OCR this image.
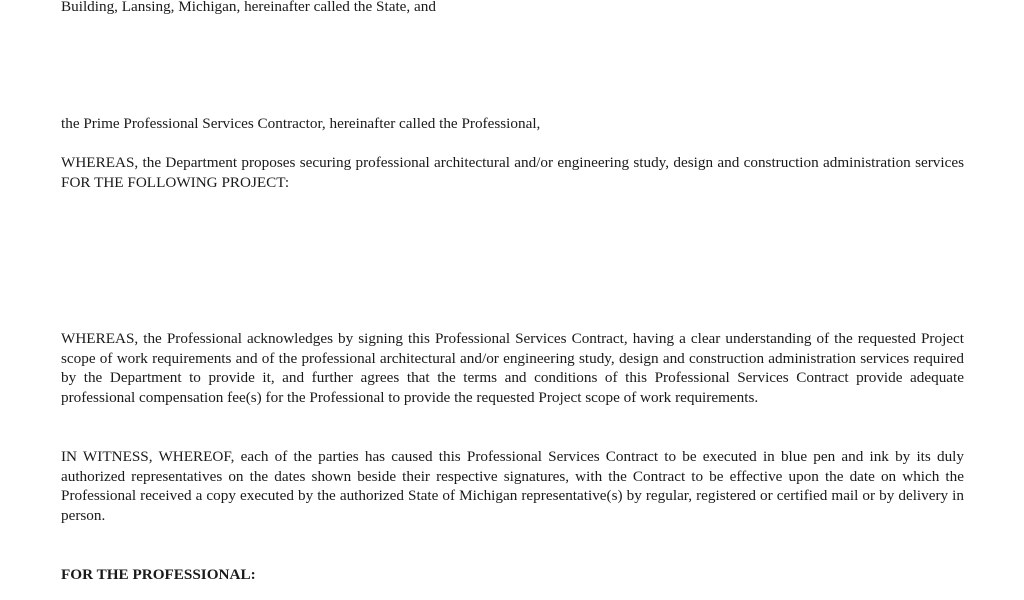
Building, Lansing, Michigan, hereinafter called the State, and

the Prime Professional Services Contractor, hereinafter called the Professional,

WHEREAS, the Department proposes securing professional architectural and/or engineering study, design and construction administration services FOR THE FOLLOWING PROJECT:

WHEREAS, the Professional acknowledges by signing this Professional Services Contract, having a clear understanding of the requested Project scope of work requirements and of the professional architectural and/or engineering study, design and construction administration services required by the Department to provide it, and further agrees that the terms and conditions of this Professional Services Contract provide adequate professional compensation fee(s) for the Professional to provide the requested Project scope of work requirements.

IN WITNESS, WHEREOF, each of the parties has caused this Professional Services Contract to be executed in blue pen and ink by its duly authorized representatives on the dates shown beside their respective signatures, with the Contract to be effective upon the date on which the Professional received a copy executed by the authorized State of Michigan representative(s) by regular, registered or certified mail or by delivery in person.

FOR THE PROFESSIONAL:
